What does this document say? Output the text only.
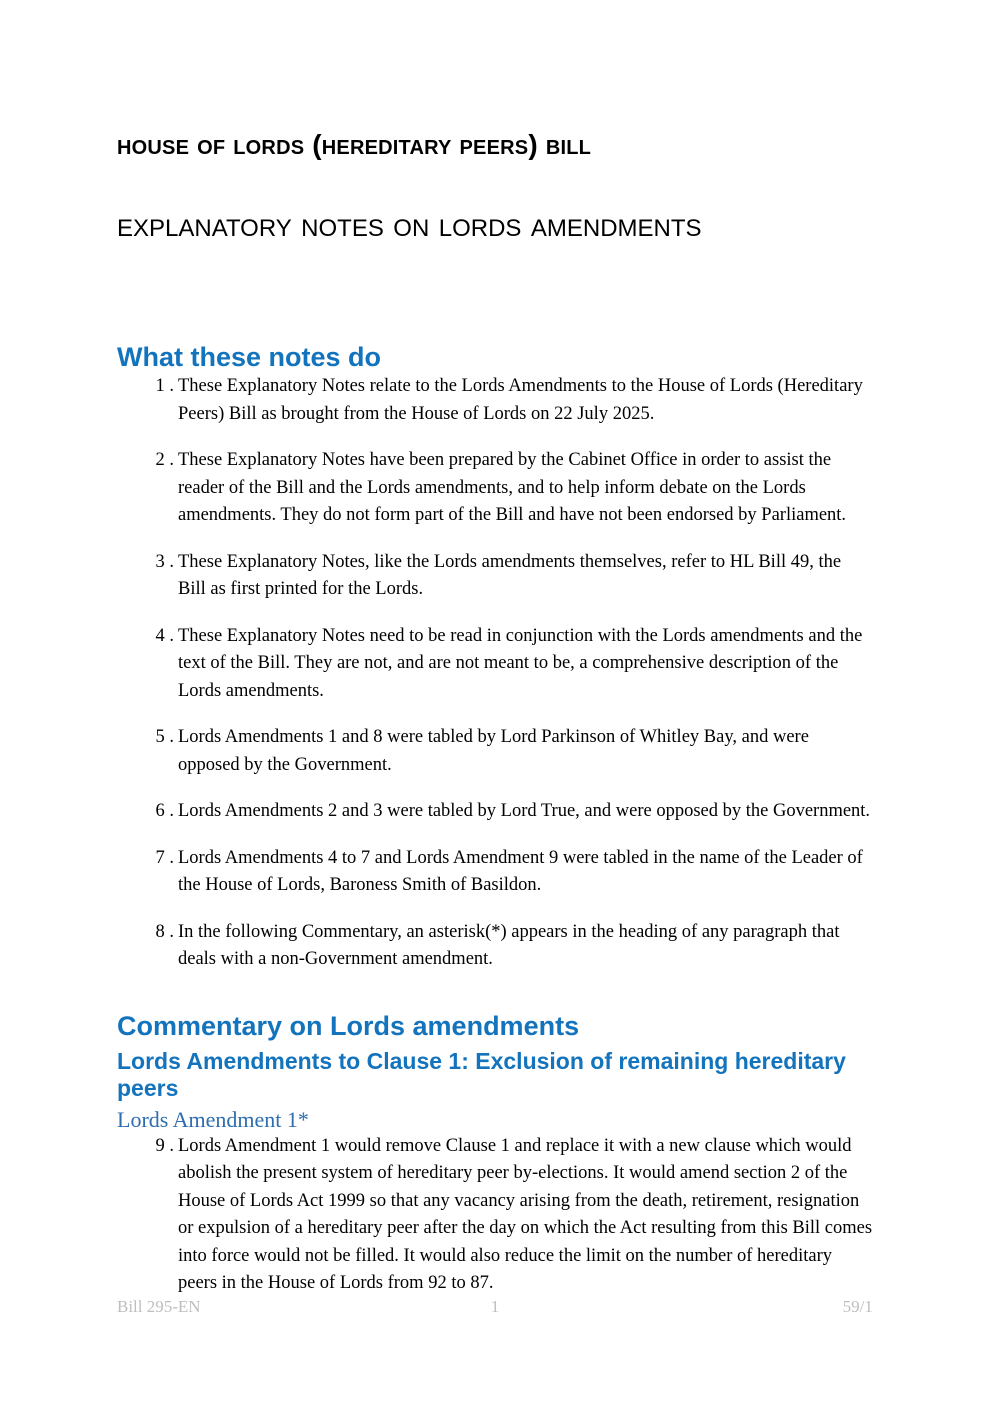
house of lords (hereditary peers) bill
explanatory notes on lords amendments
What these notes do
1 . These Explanatory Notes relate to the Lords Amendments to the House of Lords (Hereditary Peers) Bill as brought from the House of Lords on 22 July 2025.
2 . These Explanatory Notes have been prepared by the Cabinet Office in order to assist the reader of the Bill and the Lords amendments, and to help inform debate on the Lords amendments. They do not form part of the Bill and have not been endorsed by Parliament.
3 . These Explanatory Notes, like the Lords amendments themselves, refer to HL Bill 49, the Bill as first printed for the Lords.
4 . These Explanatory Notes need to be read in conjunction with the Lords amendments and the text of the Bill. They are not, and are not meant to be, a comprehensive description of the Lords amendments.
5 . Lords Amendments 1 and 8 were tabled by Lord Parkinson of Whitley Bay, and were opposed by the Government.
6 . Lords Amendments 2 and 3 were tabled by Lord True, and were opposed by the Government.
7 . Lords Amendments 4 to 7 and Lords Amendment 9 were tabled in the name of the Leader of the House of Lords, Baroness Smith of Basildon.
8 . In the following Commentary, an asterisk(*) appears in the heading of any paragraph that deals with a non-Government amendment.
Commentary on Lords amendments
Lords Amendments to Clause 1: Exclusion of remaining hereditary peers
Lords Amendment 1*
9 . Lords Amendment 1 would remove Clause 1 and replace it with a new clause which would abolish the present system of hereditary peer by-elections. It would amend section 2 of the House of Lords Act 1999 so that any vacancy arising from the death, retirement, resignation or expulsion of a hereditary peer after the day on which the Act resulting from this Bill comes into force would not be filled. It would also reduce the limit on the number of hereditary peers in the House of Lords from 92 to 87.
Bill 295-EN	1	59/1
